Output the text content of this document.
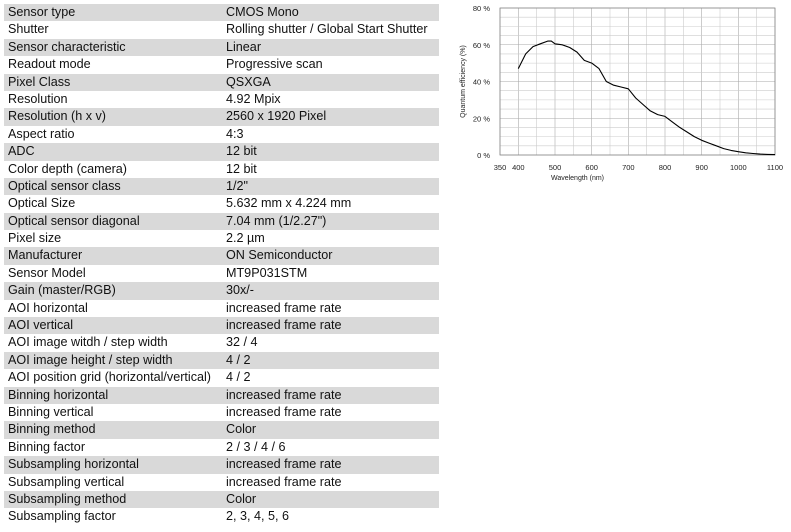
Sensor type	CMOS Mono
Shutter	Rolling shutter / Global Start Shutter
Sensor characteristic	Linear
Readout mode	Progressive scan
Pixel Class	QSXGA
Resolution	4.92 Mpix
Resolution (h x v)	2560 x 1920 Pixel
Aspect ratio	4:3
ADC	12 bit
Color depth (camera)	12 bit
Optical sensor class	1/2"
Optical Size	5.632 mm x 4.224 mm
Optical sensor diagonal	7.04 mm (1/2.27")
Pixel size	2.2 µm
Manufacturer	ON Semiconductor
Sensor Model	MT9P031STM
Gain (master/RGB)	30x/-
AOI horizontal	increased frame rate
AOI vertical	increased frame rate
AOI image witdh / step width	32 / 4
AOI image height / step width	4 / 2
AOI position grid (horizontal/vertical)	4 / 2
Binning horizontal	increased frame rate
Binning vertical	increased frame rate
Binning method	Color
Binning factor	2 / 3 / 4 / 6
Subsampling horizontal	increased frame rate
Subsampling vertical	increased frame rate
Subsampling method	Color
Subsampling factor	2, 3, 4, 5, 6
350 400	500	600	700	800	900	1000	1100
0 %
20 %
40 %
60 %
80 %
Wavelength (nm)
Quantum efficiency (%)
